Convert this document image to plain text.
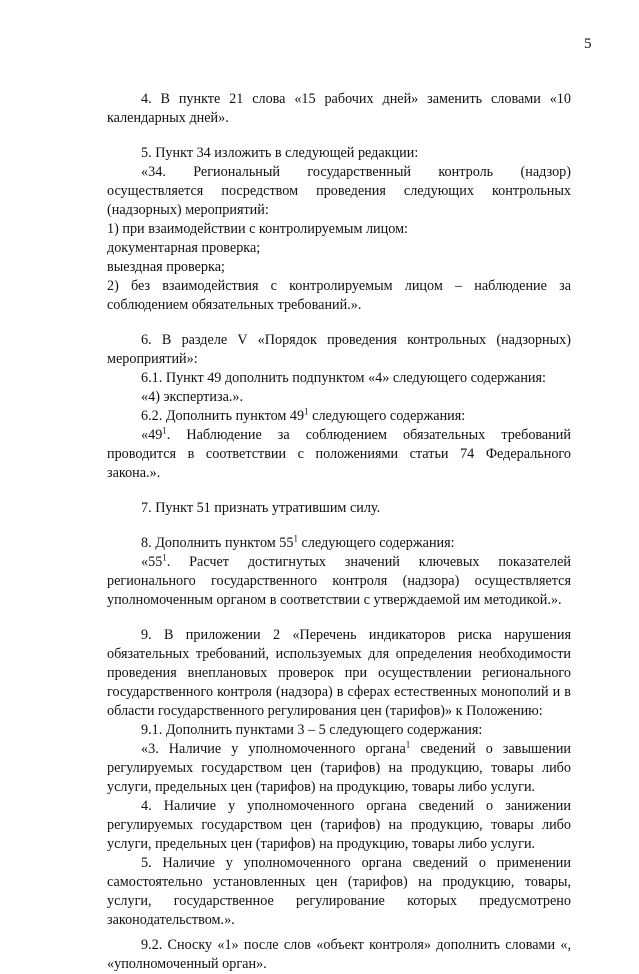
5

4. В пункте 21 слова «15 рабочих дней» заменить словами «10 календарных дней».

5. Пункт 34 изложить в следующей редакции:

«34. Региональный государственный контроль (надзор) осуществляется посредством проведения следующих контрольных (надзорных) мероприятий:

1) при взаимодействии с контролируемым лицом:

документарная проверка;

выездная проверка;

2) без взаимодействия с контролируемым лицом – наблюдение за соблюдением обязательных требований.».

6. В разделе V «Порядок проведения контрольных (надзорных) мероприятий»:

6.1. Пункт 49 дополнить подпунктом «4» следующего содержания:

«4) экспертиза.».

6.2. Дополнить пунктом $49^1$ следующего содержания:

«$49^1$. Наблюдение за соблюдением обязательных требований проводится в соответствии с положениями статьи 74 Федерального закона.».

7. Пункт 51 признать утратившим силу.

8. Дополнить пунктом $55^1$ следующего содержания:

«$55^1$. Расчет достигнутых значений ключевых показателей регионального государственного контроля (надзора) осуществляется уполномоченным органом в соответствии с утверждаемой им методикой.».

9. В приложении 2 «Перечень индикаторов риска нарушения обязательных требований, используемых для определения необходимости проведения внеплановых проверок при осуществлении регионального государственного контроля (надзора) в сферах естественных монополий и в области государственного регулирования цен (тарифов)» к Положению:

9.1. Дополнить пунктами 3 – 5 следующего содержания:

«3. Наличие у уполномоченного органа$^1$ сведений о завышении регулируемых государством цен (тарифов) на продукцию, товары либо услуги, предельных цен (тарифов) на продукцию, товары либо услуги.

4. Наличие у уполномоченного органа сведений о занижении регулируемых государством цен (тарифов) на продукцию, товары либо услуги, предельных цен (тарифов) на продукцию, товары либо услуги.

5. Наличие у уполномоченного органа сведений о применении самостоятельно установленных цен (тарифов) на продукцию, товары, услуги, государственное регулирование которых предусмотрено законодательством.».

9.2. Сноску «1» после слов «объект контроля» дополнить словами «, «уполномоченный орган».
